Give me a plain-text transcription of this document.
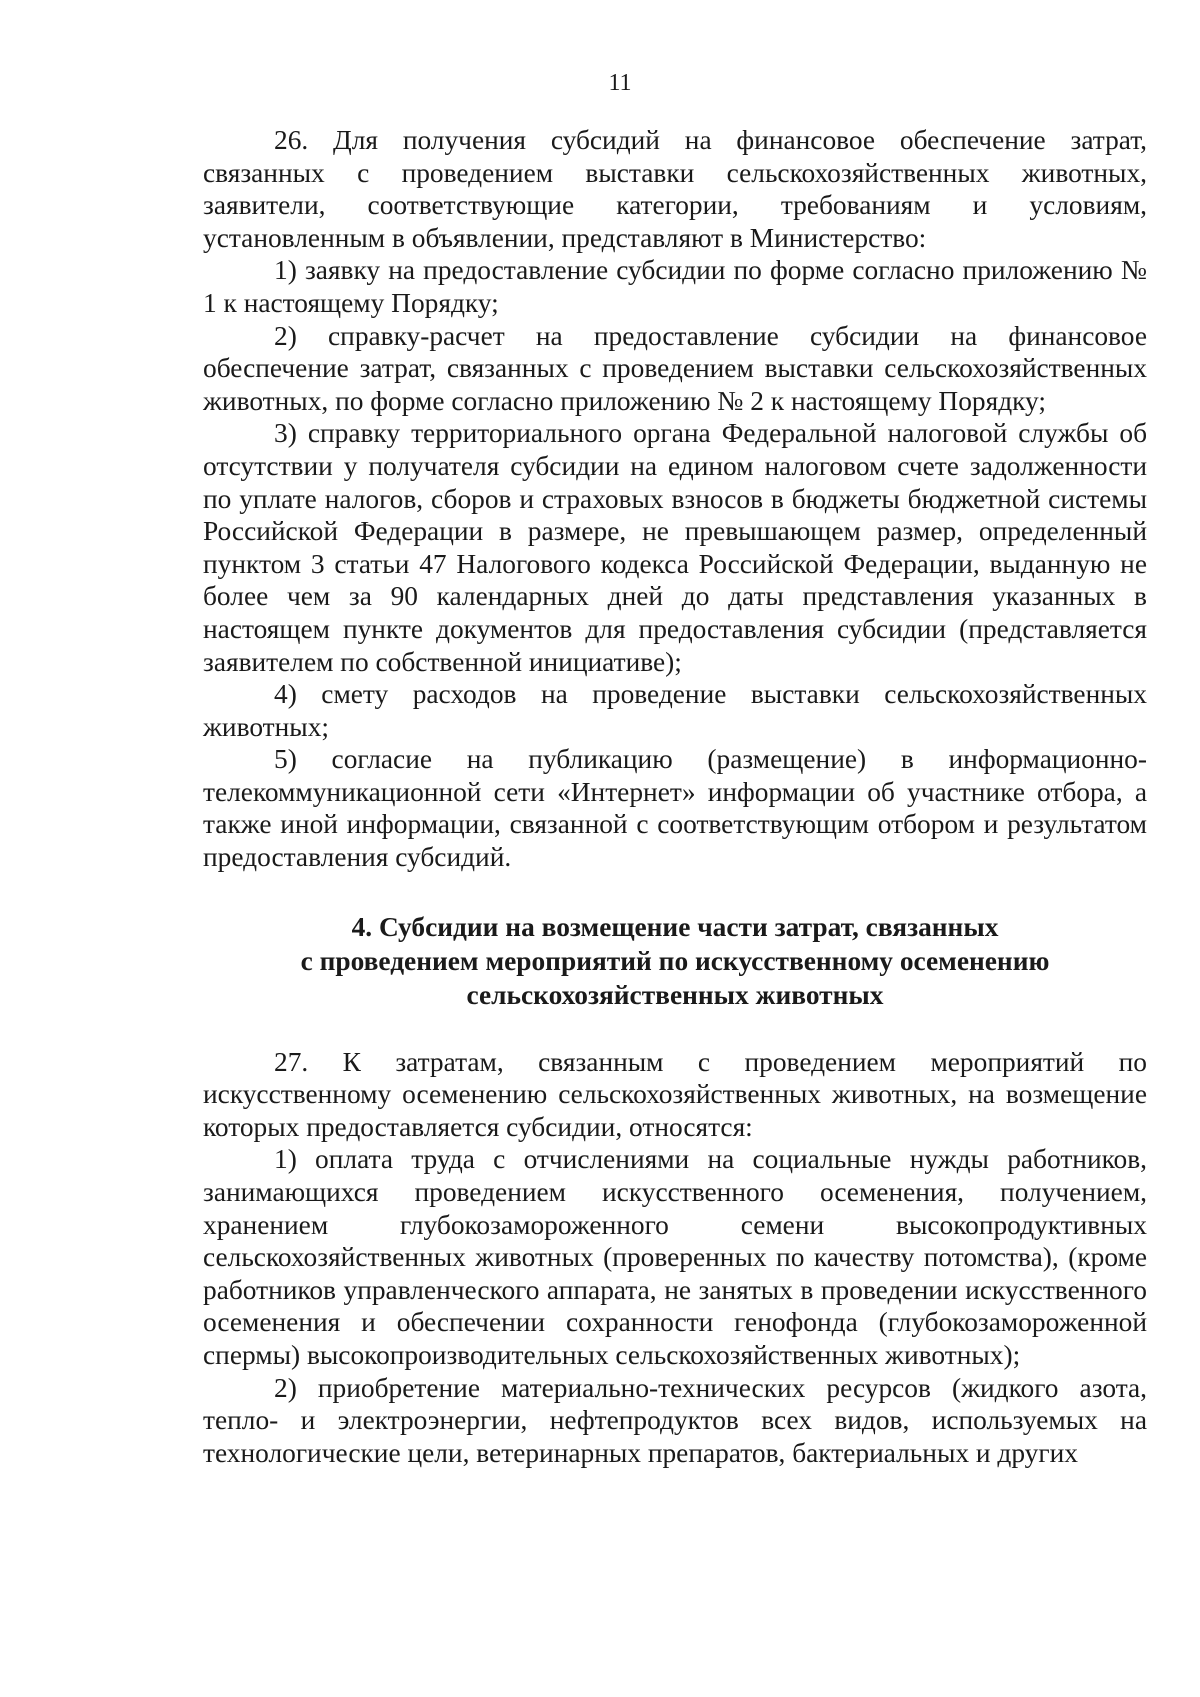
11

26. Для получения субсидий на финансовое обеспечение затрат, связанных с проведением выставки сельскохозяйственных животных, заявители, соответствующие категории, требованиям и условиям, установленным в объявлении, представляют в Министерство:

1) заявку на предоставление субсидии по форме согласно приложению № 1 к настоящему Порядку;

2) справку-расчет на предоставление субсидии на финансовое обеспечение затрат, связанных с проведением выставки сельскохозяйственных животных, по форме согласно приложению № 2 к настоящему Порядку;

3) справку территориального органа Федеральной налоговой службы об отсутствии у получателя субсидии на едином налоговом счете задолженности по уплате налогов, сборов и страховых взносов в бюджеты бюджетной системы Российской Федерации в размере, не превышающем размер, определенный пунктом 3 статьи 47 Налогового кодекса Российской Федерации, выданную не более чем за 90 календарных дней до даты представления указанных в настоящем пункте документов для предоставления субсидии (представляется заявителем по собственной инициативе);

4) смету расходов на проведение выставки сельскохозяйственных животных;

5) согласие на публикацию (размещение) в информационно-телекоммуникационной сети «Интернет» информации об участнике отбора, а также иной информации, связанной с соответствующим отбором и результатом предоставления субсидий.

4. Субсидии на возмещение части затрат, связанных
с проведением мероприятий по искусственному осеменению
сельскохозяйственных животных

27. К затратам, связанным с проведением мероприятий по искусственному осеменению сельскохозяйственных животных, на возмещение которых предоставляется субсидии, относятся:

1) оплата труда с отчислениями на социальные нужды работников, занимающихся проведением искусственного осеменения, получением, хранением глубокозамороженного семени высокопродуктивных сельскохозяйственных животных (проверенных по качеству потомства), (кроме работников управленческого аппарата, не занятых в проведении искусственного осеменения и обеспечении сохранности генофонда (глубокозамороженной спермы) высокопроизводительных сельскохозяйственных животных);

2) приобретение материально-технических ресурсов (жидкого азота, тепло- и электроэнергии, нефтепродуктов всех видов, используемых на технологические цели, ветеринарных препаратов, бактериальных и других
